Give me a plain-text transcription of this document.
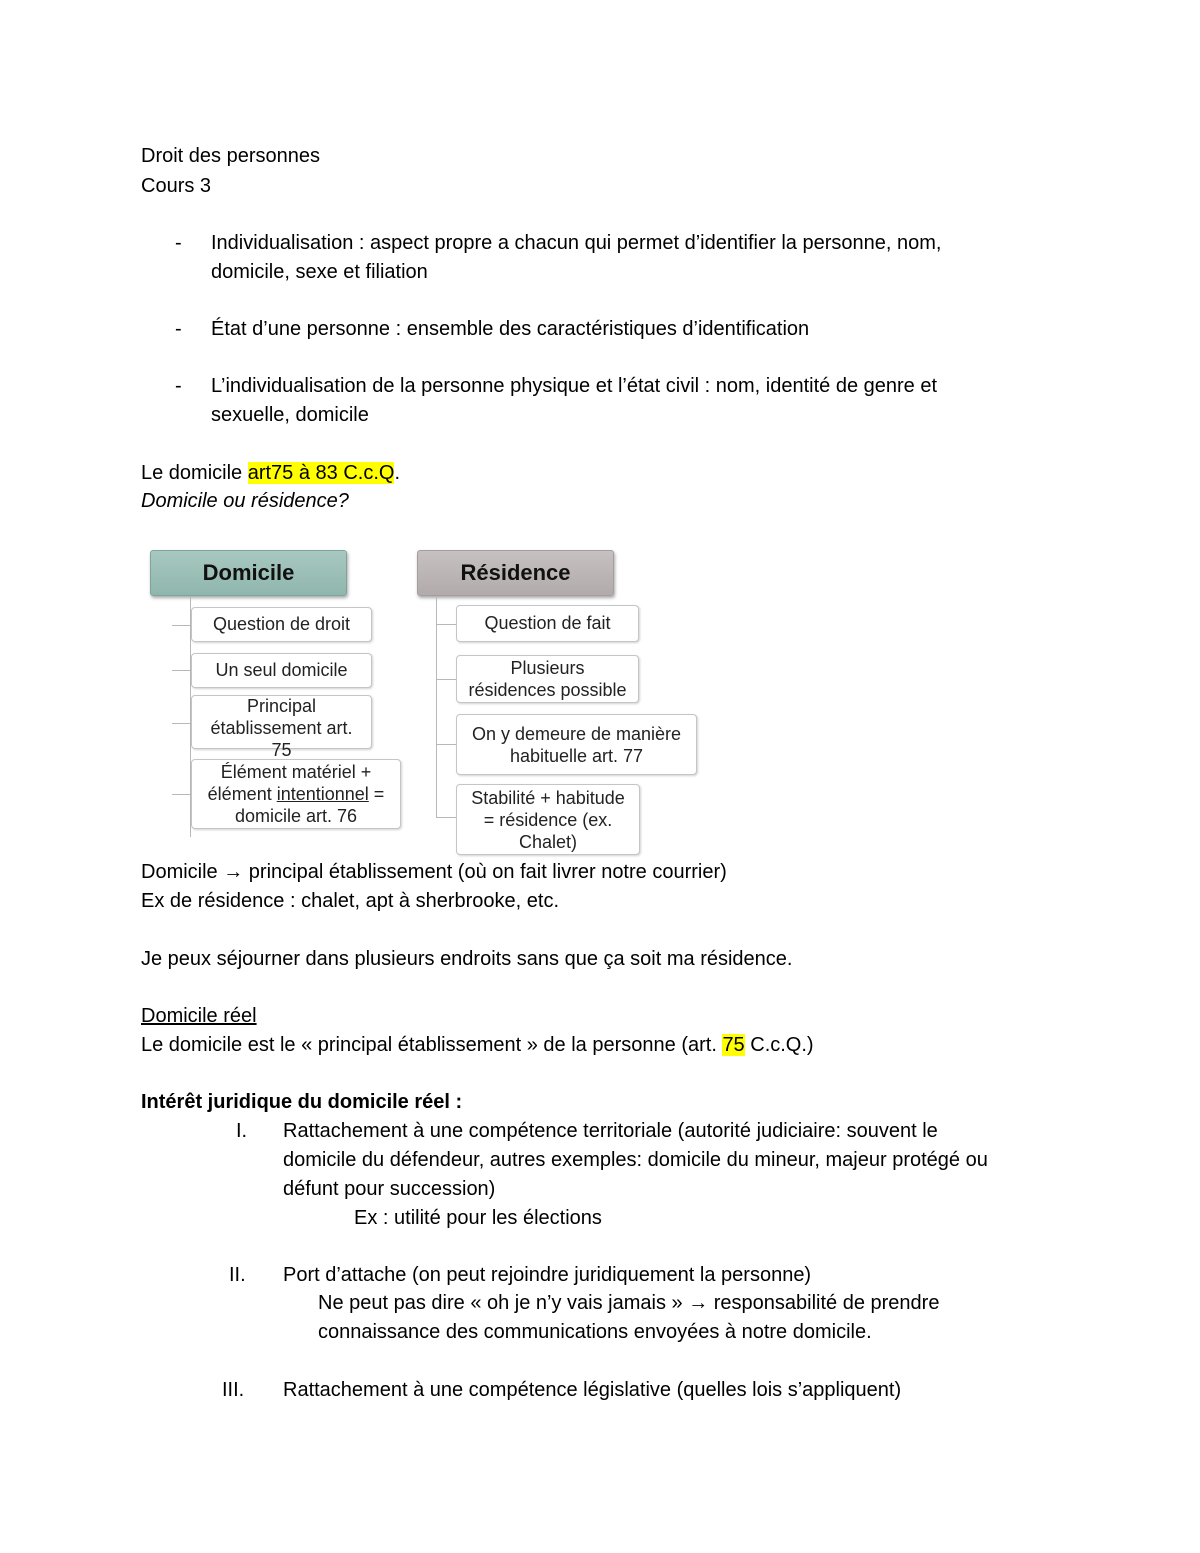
Droit des personnes
Cours 3
- Individualisation : aspect propre a chacun qui permet d’identifier la personne, nom,
domicile, sexe et filiation
- État d’une personne : ensemble des caractéristiques d’identification
- L’individualisation de la personne physique et l’état civil : nom, identité de genre et
sexuelle, domicile
Le domicile art75 à 83 C.c.Q.
Domicile ou résidence?
Domicile	Résidence
Question de droit
Un seul domicile
Principal
établissement art.
75
Élément matériel +
élément intentionnel =
domicile art. 76
Question de fait
Plusieurs
résidences possible
On y demeure de manière
habituelle art. 77
Stabilité + habitude
= résidence (ex.
Chalet)
Domicile → principal établissement (où on fait livrer notre courrier)
Ex de résidence : chalet, apt à sherbrooke, etc.
Je peux séjourner dans plusieurs endroits sans que ça soit ma résidence.
Domicile réel
Le domicile est le « principal établissement » de la personne (art. 75 C.c.Q.)
Intérêt juridique du domicile réel :
I. Rattachement à une compétence territoriale (autorité judiciaire: souvent le
domicile du défendeur, autres exemples: domicile du mineur, majeur protégé ou
défunt pour succession)
Ex : utilité pour les élections
II. Port d’attache (on peut rejoindre juridiquement la personne)
Ne peut pas dire « oh je n’y vais jamais » → responsabilité de prendre
connaissance des communications envoyées à notre domicile.
III. Rattachement à une compétence législative (quelles lois s’appliquent)
